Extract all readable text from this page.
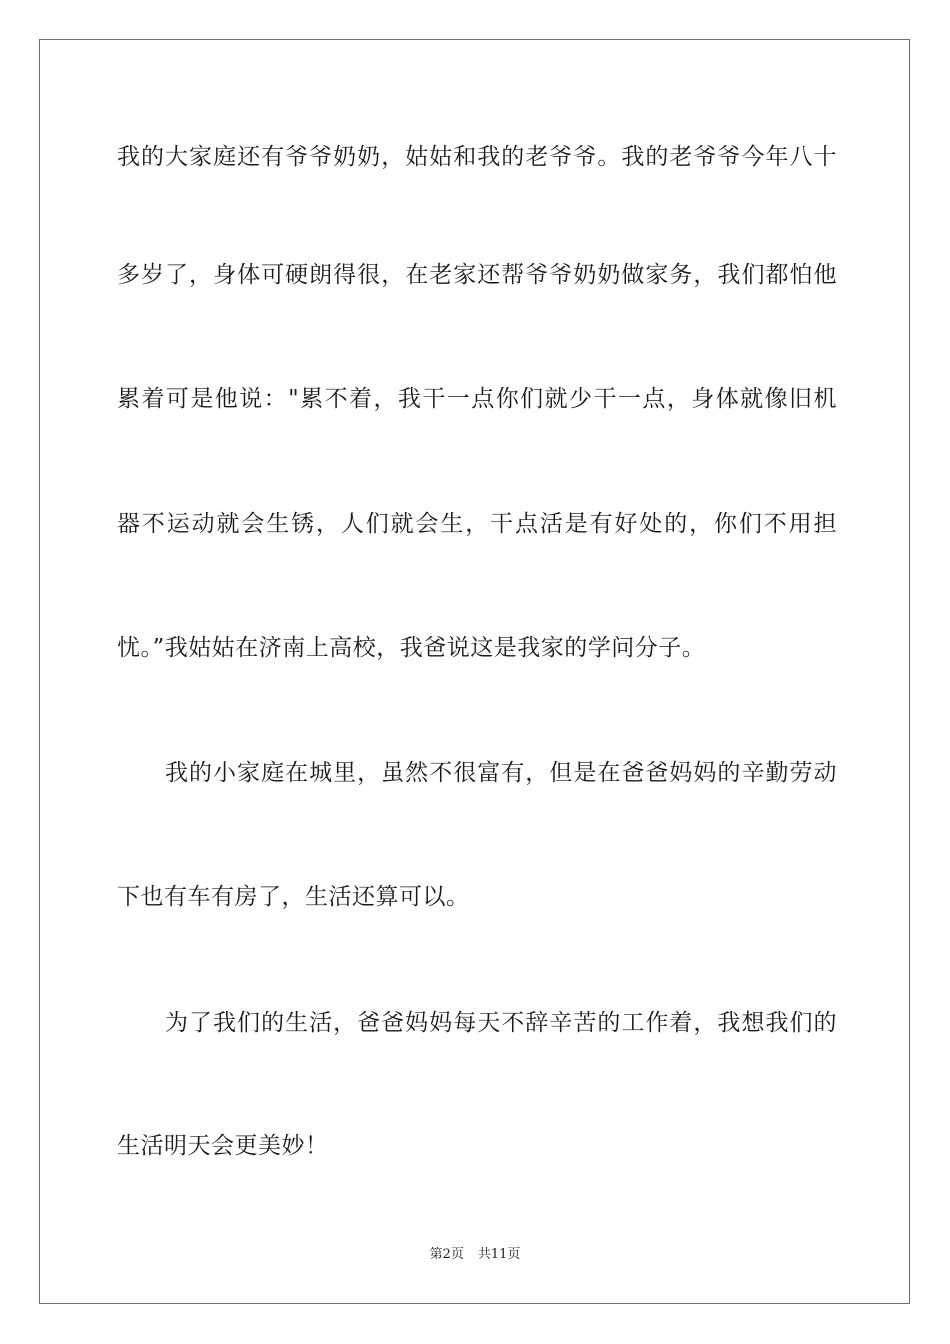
我的大家庭还有爷爷奶奶，姑姑和我的老爷爷。我的老爷爷今年八十
多岁了，身体可硬朗得很，在老家还帮爷爷奶奶做家务，我们都怕他
累着可是他说："累不着，我干一点你们就少干一点，身体就像旧机
器不运动就会生锈，人们就会生，干点活是有好处的，你们不用担
忧。”我姑姑在济南上高校，我爸说这是我家的学问分子。
我的小家庭在城里，虽然不很富有，但是在爸爸妈妈的辛勤劳动
下也有车有房了，生活还算可以。
为了我们的生活，爸爸妈妈每天不辞辛苦的工作着，我想我们的
生活明天会更美妙！
第2页 共11页
